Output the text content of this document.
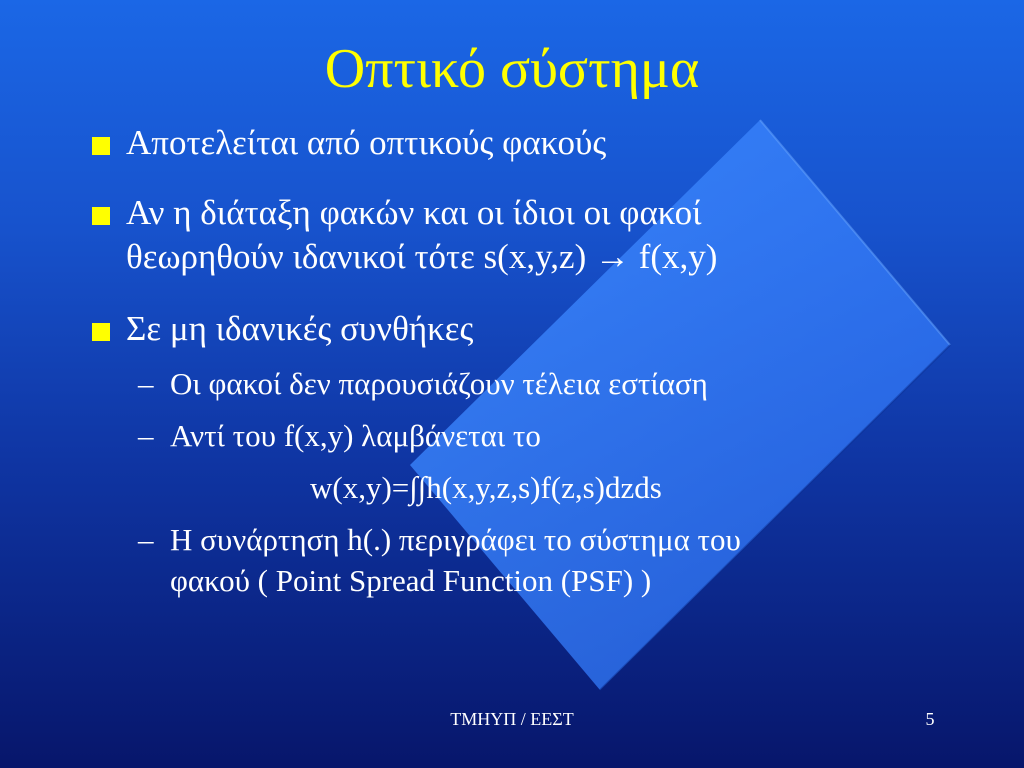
Οπτικό σύστημα
Αποτελείται από οπτικούς φακούς
Αν η διάταξη φακών και οι ίδιοι οι φακοί
θεωρηθούν ιδανικοί τότε s(x,y,z) → f(x,y)
Σε μη ιδανικές συνθήκες
– Οι φακοί δεν παρουσιάζουν τέλεια εστίαση
– Αντί του f(x,y) λαμβάνεται το
w(x,y)=∫∫h(x,y,z,s)f(z,s)dzds
– Η συνάρτηση h(.) περιγράφει το σύστημα του
φακού ( Point Spread Function (PSF) )
ΤΜΗΥΠ / ΕΕΣΤ	5
